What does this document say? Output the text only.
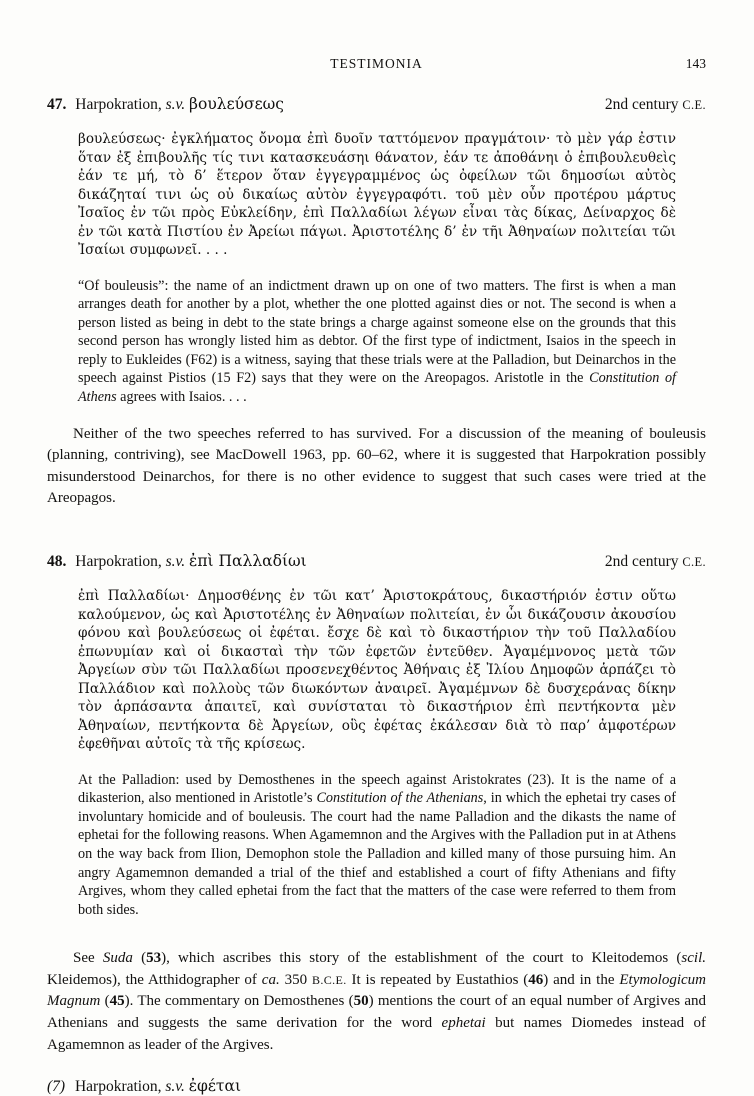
TESTIMONIA	143
47. Harpokration, s.v. βουλεύσεως	2nd century C.E.
βουλεύσεως· ἐγκλήματος ὄνομα ἐπὶ δυοῖν ταττόμενον πραγμάτοιν· τὸ μὲν γάρ ἐστιν ὅταν ἐξ ἐπιβουλῆς τίς τινι κατασκευάσηι θάνατον, ἐάν τε ἀποθάνηι ὁ ἐπιβουλευθεὶς ἐάν τε μή, τὸ δ’ ἕτερον ὅταν ἐγγεγραμμένος ὡς ὀφείλων τῶι δημοσίωι αὐτὸς δικάζηταί τινι ὡς οὐ δικαίως αὐτὸν ἐγγεγραφότι. τοῦ μὲν οὖν προτέρου μάρτυς Ἰσαῖος ἐν τῶι πρὸς Εὐκλείδην, ἐπὶ Παλλαδίωι λέγων εἶναι τὰς δίκας, Δείναρχος δὲ ἐν τῶι κατὰ Πιστίου ἐν Ἀρείωι πάγωι. Ἀριστοτέλης δ’ ἐν τῆι Ἀθηναίων πολιτείαι τῶι Ἰσαίωι συμφωνεῖ. . . .
“Of bouleusis”: the name of an indictment drawn up on one of two matters. The first is when a man arranges death for another by a plot, whether the one plotted against dies or not. The second is when a person listed as being in debt to the state brings a charge against someone else on the grounds that this second person has wrongly listed him as debtor. Of the first type of indictment, Isaios in the speech in reply to Eukleides (F62) is a witness, saying that these trials were at the Palladion, but Deinarchos in the speech against Pistios (15 F2) says that they were on the Areopagos. Aristotle in the Constitution of Athens agrees with Isaios. . . .
Neither of the two speeches referred to has survived. For a discussion of the meaning of bouleusis (planning, contriving), see MacDowell 1963, pp. 60–62, where it is suggested that Harpokration possibly misunderstood Deinarchos, for there is no other evidence to suggest that such cases were tried at the Areopagos.
48. Harpokration, s.v. ἐπὶ Παλλαδίωι	2nd century C.E.
ἐπὶ Παλλαδίωι· Δημοσθένης ἐν τῶι κατ’ Ἀριστοκράτους, δικαστήριόν ἐστιν οὕτω καλούμενον, ὡς καὶ Ἀριστοτέλης ἐν Ἀθηναίων πολιτείαι, ἐν ὧι δικάζουσιν ἀκουσίου φόνου καὶ βουλεύσεως οἱ ἐφέται. ἔσχε δὲ καὶ τὸ δικαστήριον τὴν τοῦ Παλλαδίου ἐπωνυμίαν καὶ οἱ δικασταὶ τὴν τῶν ἐφετῶν ἐντεῦθεν. Ἀγαμέμνονος μετὰ τῶν Ἀργείων σὺν τῶι Παλλαδίωι προσενεχθέντος Ἀθήναις ἐξ Ἰλίου Δημοφῶν ἁρπάζει τὸ Παλλάδιον καὶ πολλοὺς τῶν διωκόντων ἀναιρεῖ. Ἀγαμέμνων δὲ δυσχεράνας δίκην τὸν ἁρπάσαντα ἀπαιτεῖ, καὶ συνίσταται τὸ δικαστήριον ἐπὶ πεντήκοντα μὲν Ἀθηναίων, πεντήκοντα δὲ Ἀργείων, οὓς ἐφέτας ἐκάλεσαν διὰ τὸ παρ’ ἀμφοτέρων ἐφεθῆναι αὐτοῖς τὰ τῆς κρίσεως.
At the Palladion: used by Demosthenes in the speech against Aristokrates (23). It is the name of a dikasterion, also mentioned in Aristotle’s Constitution of the Athenians, in which the ephetai try cases of involuntary homicide and of bouleusis. The court had the name Palladion and the dikasts the name of ephetai for the following reasons. When Agamemnon and the Argives with the Palladion put in at Athens on the way back from Ilion, Demophon stole the Palladion and killed many of those pursuing him. An angry Agamemnon demanded a trial of the thief and established a court of fifty Athenians and fifty Argives, whom they called ephetai from the fact that the matters of the case were referred to them from both sides.
See Suda (53), which ascribes this story of the establishment of the court to Kleitodemos (scil. Kleidemos), the Atthidographer of ca. 350 B.C.E. It is repeated by Eustathios (46) and in the Etymologicum Magnum (45). The commentary on Demosthenes (50) mentions the court of an equal number of Argives and Athenians and suggests the same derivation for the word ephetai but names Diomedes instead of Agamemnon as leader of the Argives.
(7) Harpokration, s.v. ἐφέται
